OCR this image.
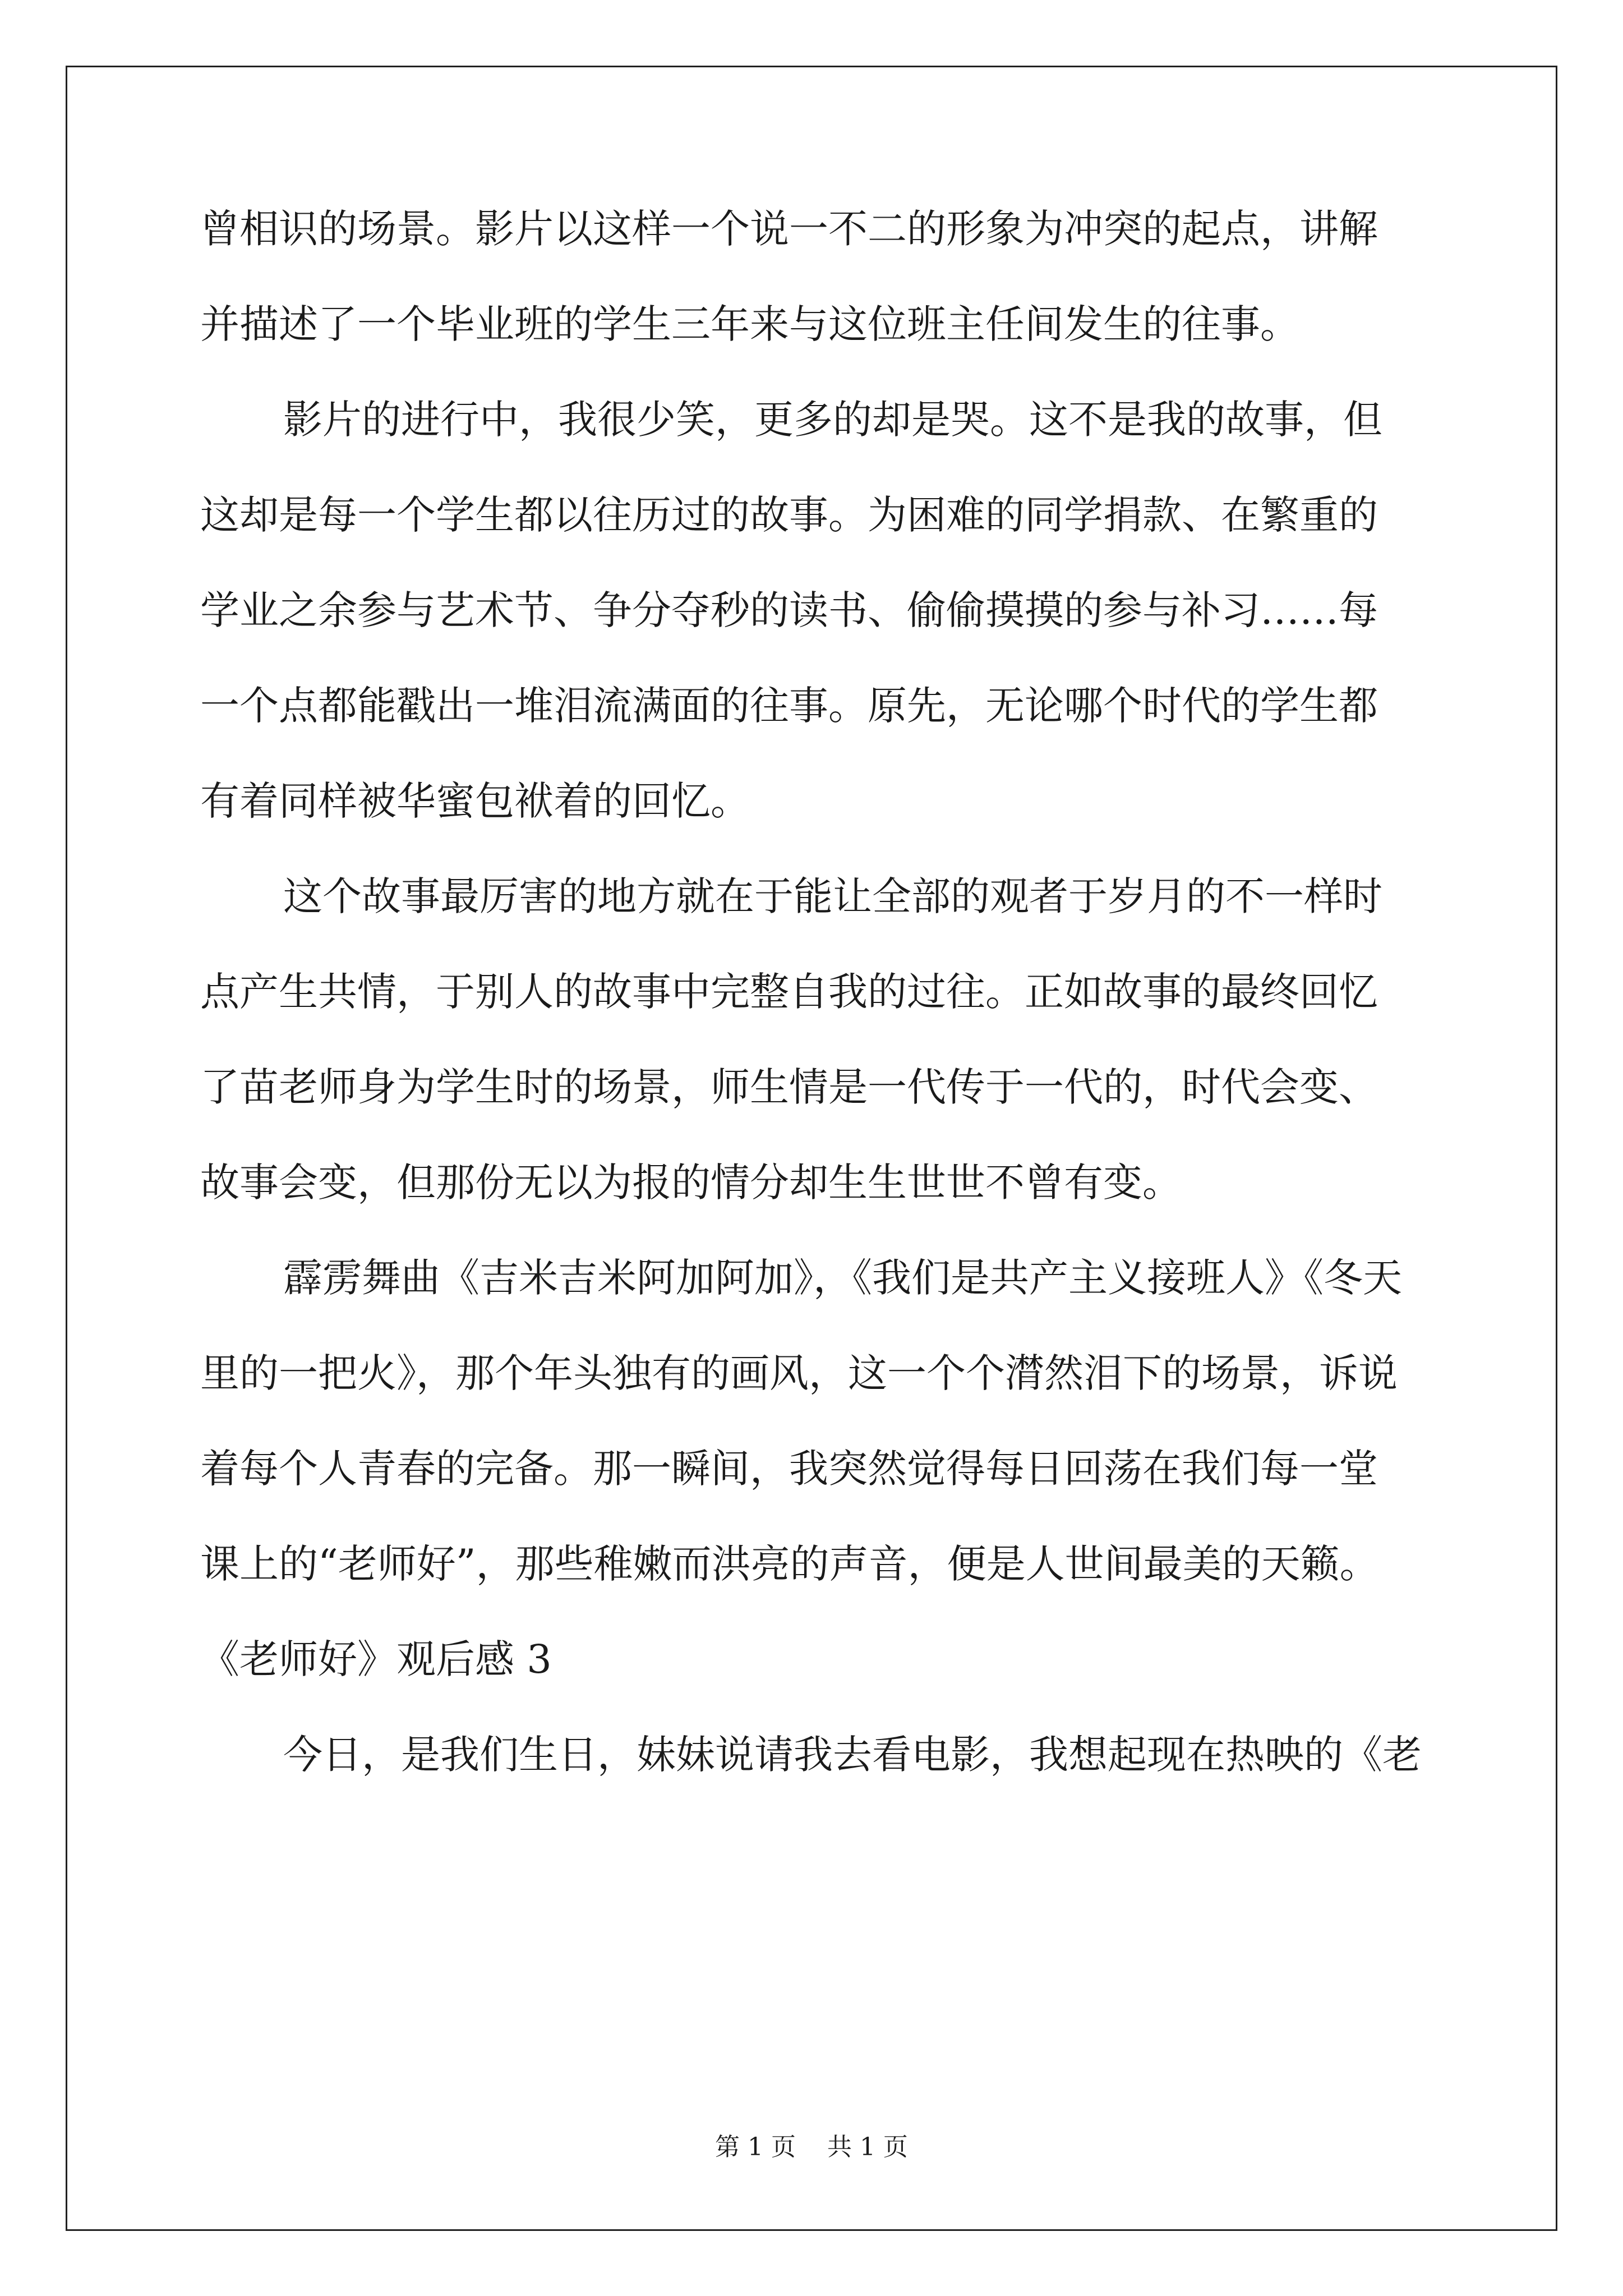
曾相识的场景。影片以这样一个说一不二的形象为冲突的起点，讲解
并描述了一个毕业班的学生三年来与这位班主任间发生的往事。
影片的进行中，我很少笑，更多的却是哭。这不是我的故事，但
这却是每一个学生都以往历过的故事。为困难的同学捐款、在繁重的
学业之余参与艺术节、争分夺秒的读书、偷偷摸摸的参与补习……每
一个点都能戳出一堆泪流满面的往事。原先，无论哪个时代的学生都
有着同样被华蜜包袱着的回忆。
这个故事最厉害的地方就在于能让全部的观者于岁月的不一样时
点产生共情，于别人的故事中完整自我的过往。正如故事的最终回忆
了苗老师身为学生时的场景，师生情是一代传于一代的，时代会变、
故事会变，但那份无以为报的情分却生生世世不曾有变。
霹雳舞曲《吉米吉米阿加阿加》，《我们是共产主义接班人》《冬天
里的一把火》，那个年头独有的画风，这一个个潸然泪下的场景，诉说
着每个人青春的完备。那一瞬间，我突然觉得每日回荡在我们每一堂
课上的“老师好”，那些稚嫩而洪亮的声音，便是人世间最美的天籁。
《老师好》观后感 3
今日，是我们生日，妹妹说请我去看电影，我想起现在热映的《老
第 1 页    共 1 页
